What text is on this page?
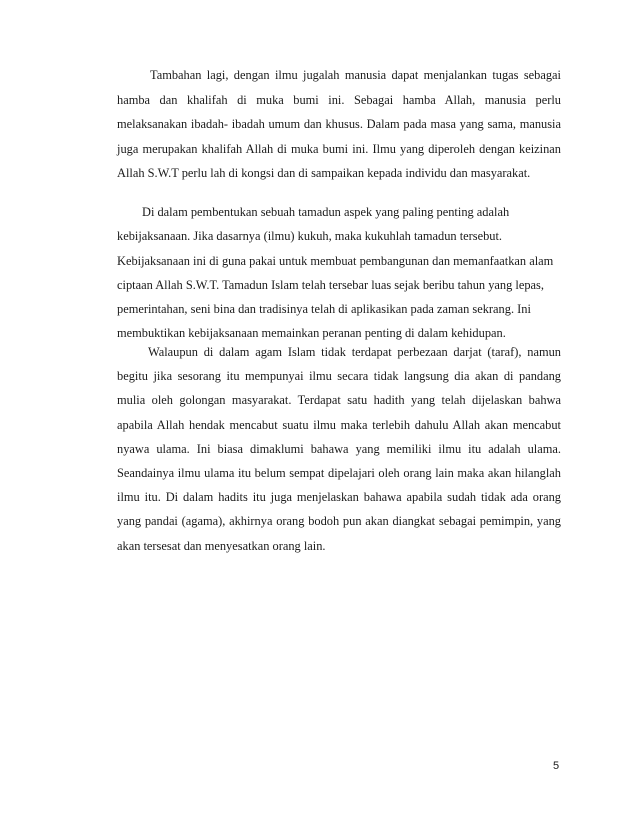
Tambahan lagi, dengan ilmu jugalah manusia dapat menjalankan tugas sebagai hamba dan khalifah di muka bumi ini. Sebagai hamba Allah, manusia perlu melaksanakan ibadah- ibadah umum dan khusus. Dalam pada masa yang sama, manusia juga merupakan khalifah Allah di muka bumi ini. Ilmu yang diperoleh dengan keizinan Allah S.W.T perlu lah di kongsi dan di sampaikan kepada individu dan masyarakat.

Di dalam pembentukan sebuah tamadun aspek yang paling penting adalah kebijaksanaan. Jika dasarnya (ilmu) kukuh, maka kukuhlah tamadun tersebut. Kebijaksanaan ini di guna pakai untuk membuat pembangunan dan memanfaatkan alam ciptaan Allah S.W.T. Tamadun Islam telah tersebar luas sejak beribu tahun yang lepas, pemerintahan, seni bina dan tradisinya telah di aplikasikan pada zaman sekrang. Ini membuktikan kebijaksanaan memainkan peranan penting di dalam kehidupan.

Walaupun di dalam agam Islam tidak terdapat perbezaan darjat (taraf), namun begitu jika sesorang itu mempunyai ilmu secara tidak langsung dia akan di pandang mulia oleh golongan masyarakat. Terdapat satu hadith yang telah dijelaskan bahwa apabila Allah hendak mencabut suatu ilmu maka terlebih dahulu Allah akan mencabut nyawa ulama. Ini biasa dimaklumi bahawa yang memiliki ilmu itu adalah ulama. Seandainya ilmu ulama itu belum sempat dipelajari oleh orang lain maka akan hilanglah ilmu itu. Di dalam hadits itu juga menjelaskan bahawa apabila sudah tidak ada orang yang pandai (agama), akhirnya orang bodoh pun akan diangkat sebagai pemimpin, yang akan tersesat dan menyesatkan orang lain.

5
